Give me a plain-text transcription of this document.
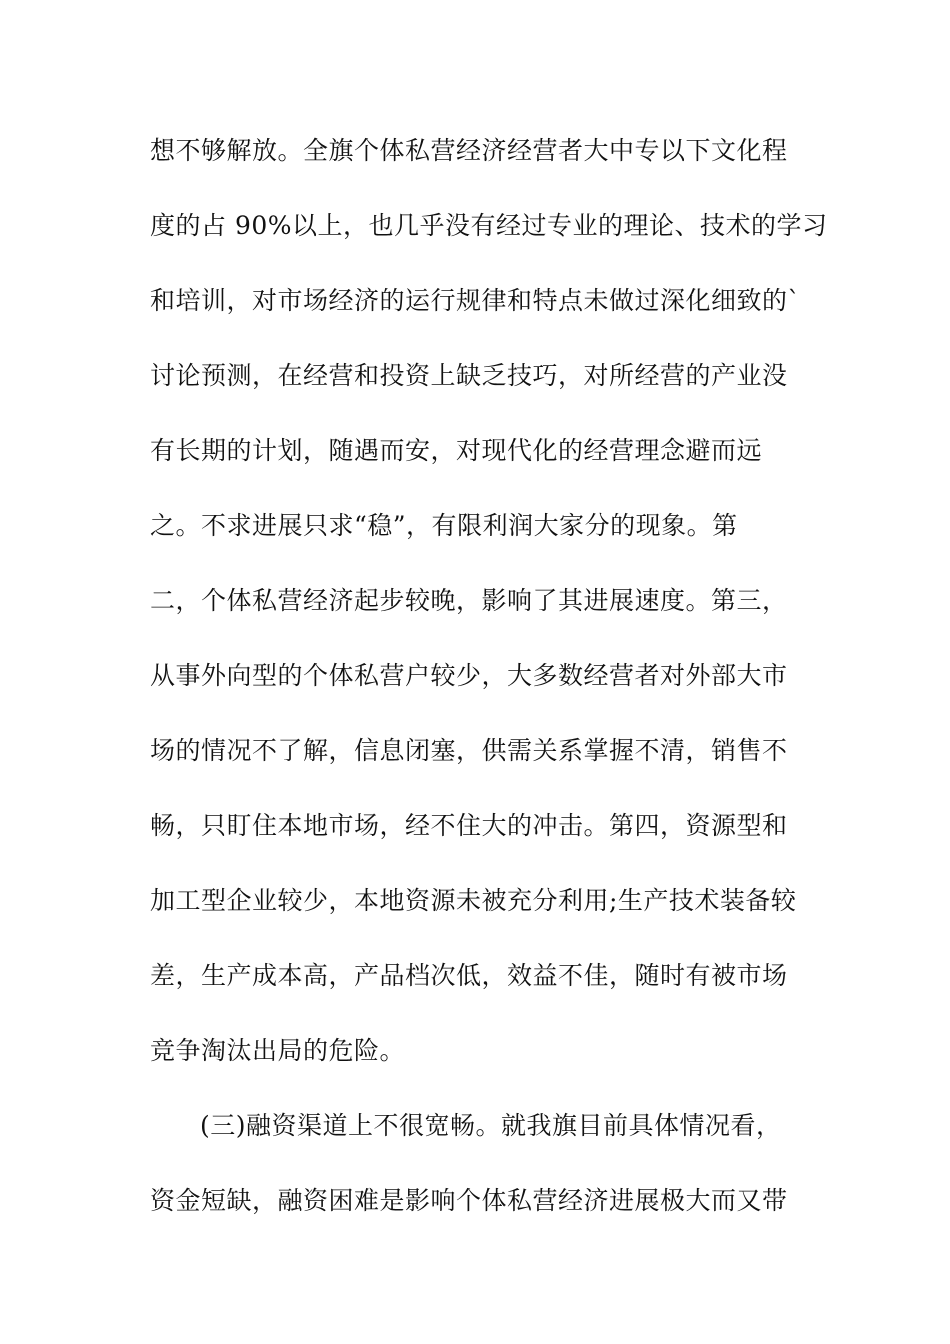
想不够解放。全旗个体私营经济经营者大中专以下文化程
度的占 90%以上，也几乎没有经过专业的理论、技术的学习
和培训，对市场经济的运行规律和特点未做过深化细致的`
讨论预测，在经营和投资上缺乏技巧，对所经营的产业没
有长期的计划，随遇而安，对现代化的经营理念避而远
之。不求进展只求“稳”，有限利润大家分的现象。第
二，个体私营经济起步较晚，影响了其进展速度。第三，
从事外向型的个体私营户较少，大多数经营者对外部大市
场的情况不了解，信息闭塞，供需关系掌握不清，销售不
畅，只盯住本地市场，经不住大的冲击。第四，资源型和
加工型企业较少，本地资源未被充分利用;生产技术装备较
差，生产成本高，产品档次低，效益不佳，随时有被市场
竞争淘汰出局的危险。
(三)融资渠道上不很宽畅。就我旗目前具体情况看，
资金短缺，融资困难是影响个体私营经济进展极大而又带
